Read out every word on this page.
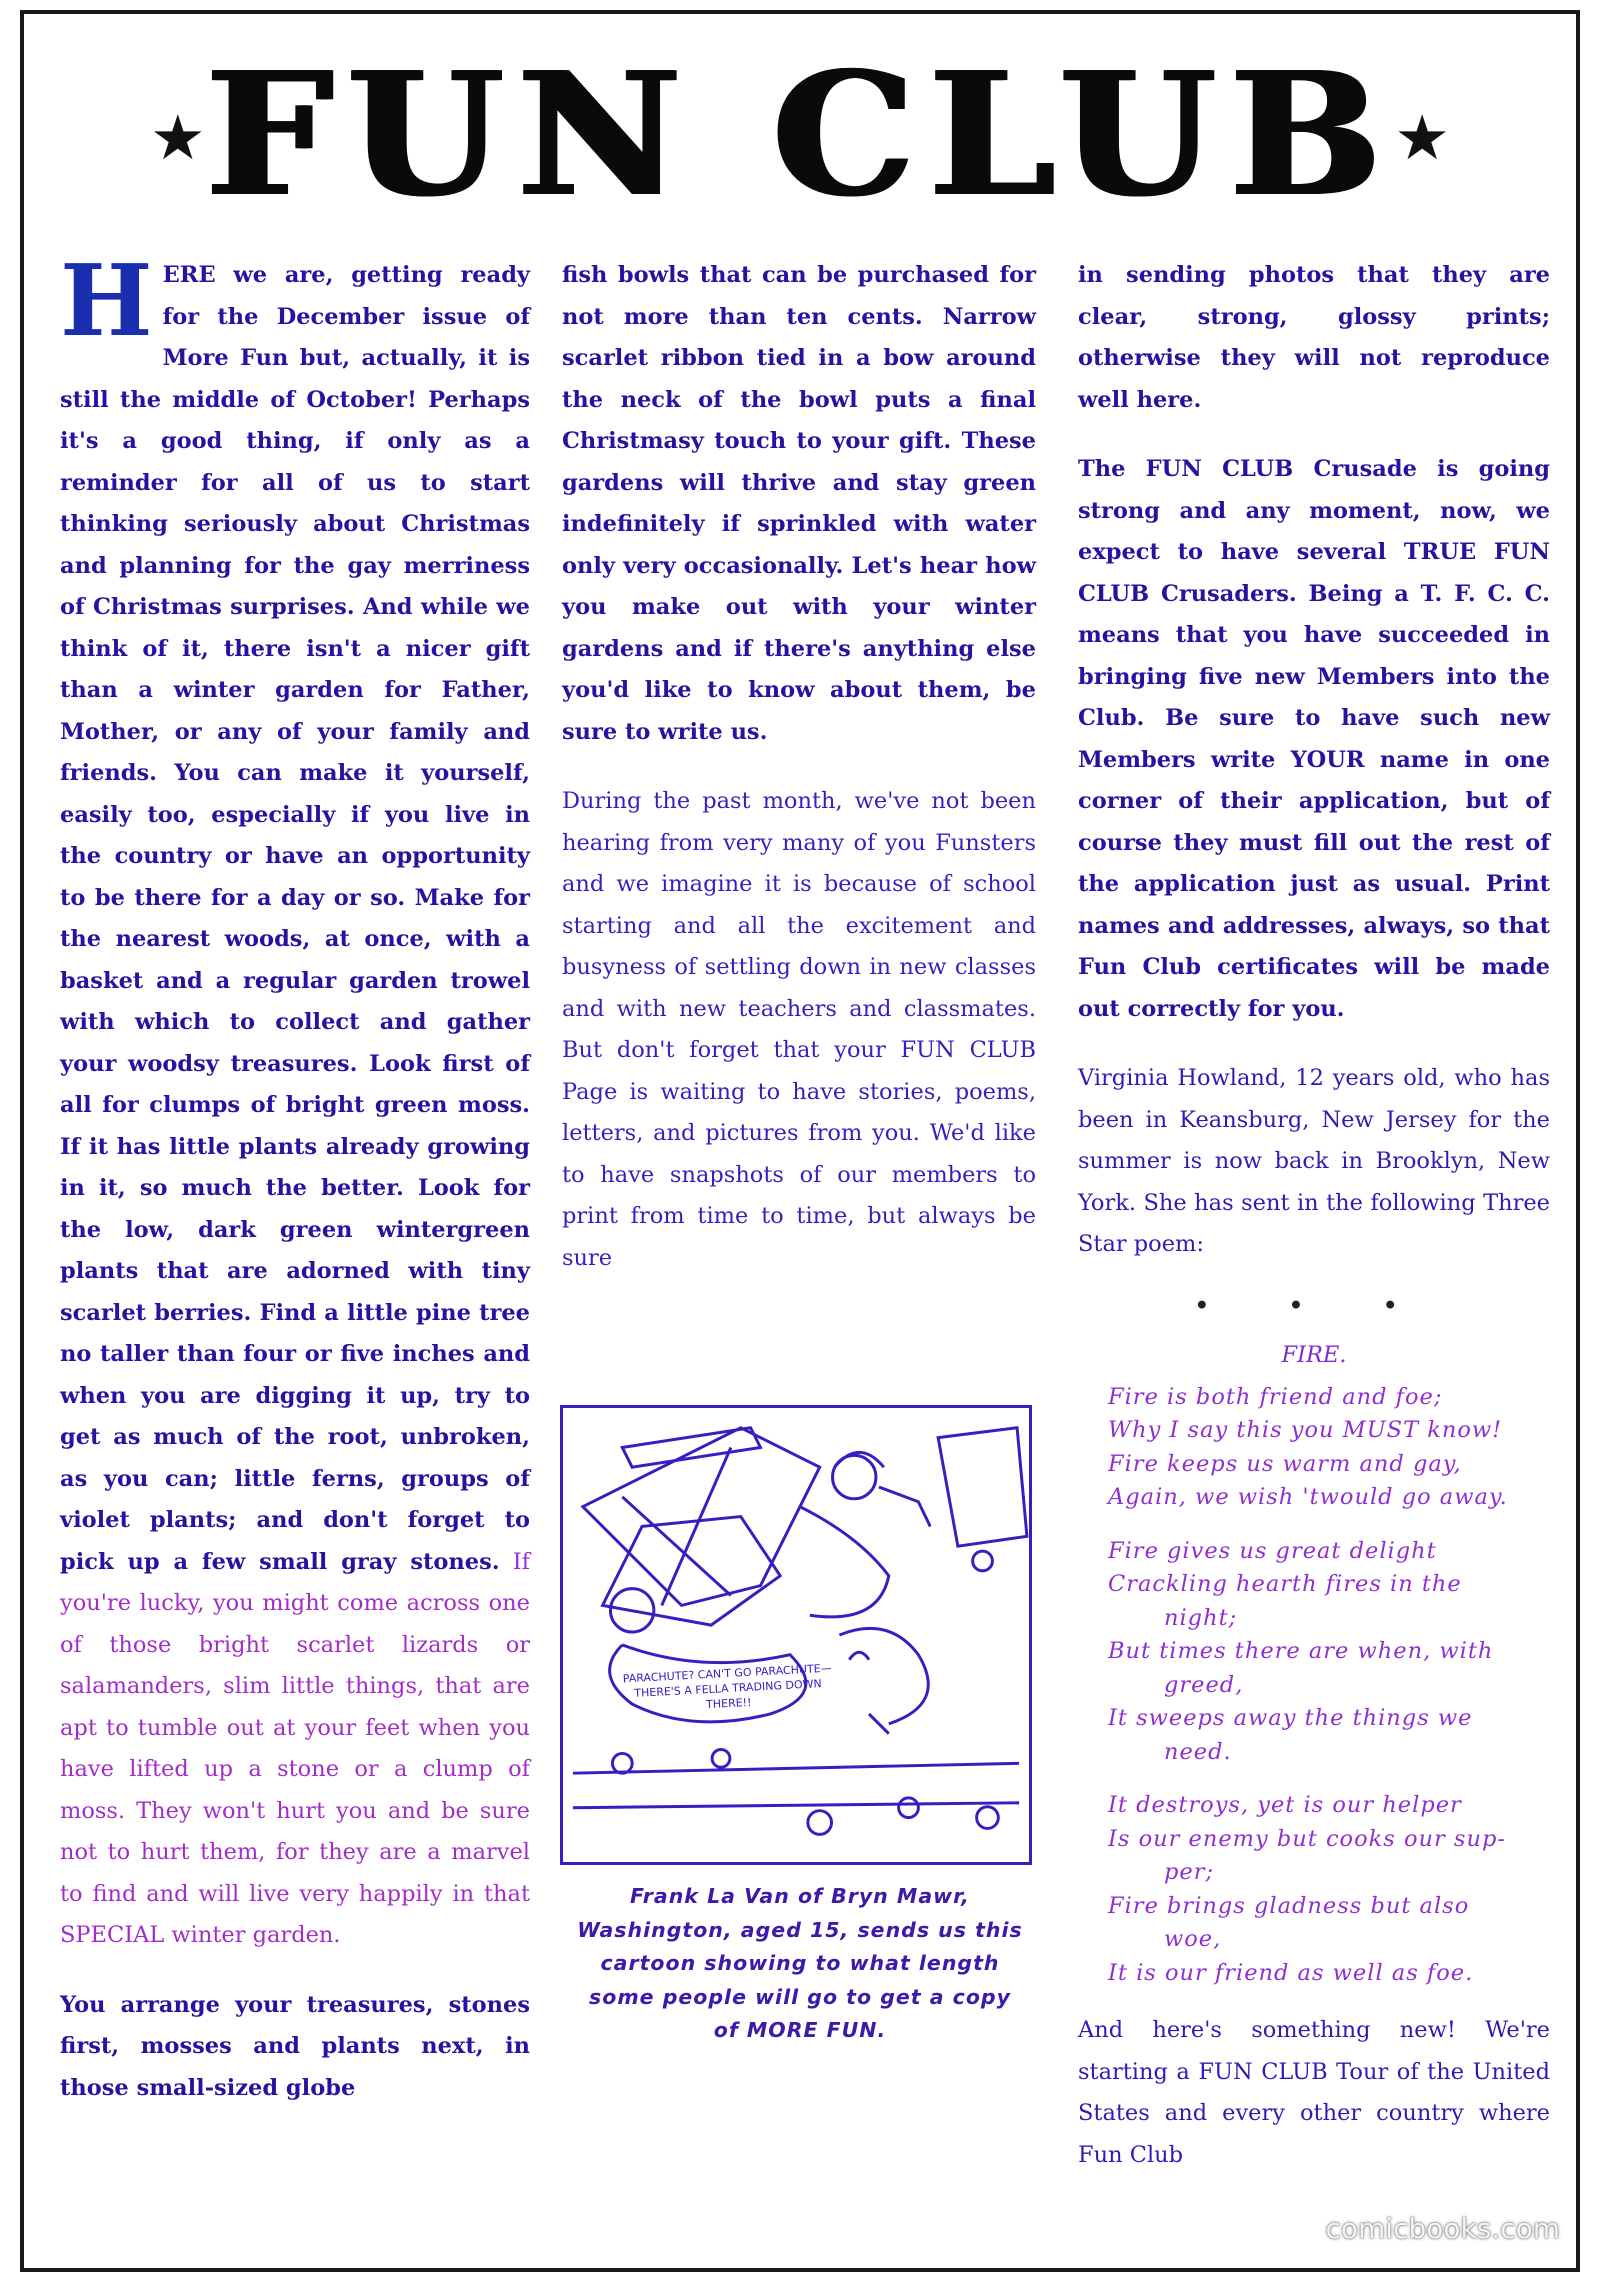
★ FUN CLUB ★

HERE we are, getting ready for the December issue of More Fun but, actually, it is still the middle of October! Perhaps it's a good thing, if only as a reminder for all of us to start thinking seriously about Christmas and planning for the gay merriness of Christmas surprises. And while we think of it, there isn't a nicer gift than a winter garden for Father, Mother, or any of your family and friends. You can make it yourself, easily too, especially if you live in the country or have an opportunity to be there for a day or so. Make for the nearest woods, at once, with a basket and a regular garden trowel with which to collect and gather your woodsy treasures. Look first of all for clumps of bright green moss. If it has little plants already growing in it, so much the better. Look for the low, dark green wintergreen plants that are adorned with tiny scarlet berries. Find a little pine tree no taller than four or five inches and when you are digging it up, try to get as much of the root, unbroken, as you can; little ferns, groups of violet plants; and don't forget to pick up a few small gray stones. If you're lucky, you might come across one of those bright scarlet lizards or salamanders, slim little things, that are apt to tumble out at your feet when you have lifted up a stone or a clump of moss. They won't hurt you and be sure not to hurt them, for they are a marvel to find and will live very happily in that SPECIAL winter garden.

You arrange your treasures, stones first, mosses and plants next, in those small-sized globe

fish bowls that can be purchased for not more than ten cents. Narrow scarlet ribbon tied in a bow around the neck of the bowl puts a final Christmasy touch to your gift. These gardens will thrive and stay green indefinitely if sprinkled with water only very occasionally. Let's hear how you make out with your winter gardens and if there's anything else you'd like to know about them, be sure to write us.

During the past month, we've not been hearing from very many of you Funsters and we imagine it is because of school starting and all the excitement and busyness of settling down in new classes and with new teachers and classmates. But don't forget that your FUN CLUB Page is waiting to have stories, poems, letters, and pictures from you. We'd like to have snapshots of our members to print from time to time, but always be sure

PARACHUTE? CAN'T GO PARACHUTE— THERE'S A FELLA TRADING DOWN THERE!!
Frank La Van of Bryn Mawr, Washington, aged 15, sends us this cartoon showing to what length some people will go to get a copy of MORE FUN.

in sending photos that they are clear, strong, glossy prints; otherwise they will not reproduce well here.

The FUN CLUB Crusade is going strong and any moment, now, we expect to have several TRUE FUN CLUB Crusaders. Being a T. F. C. C. means that you have succeeded in bringing five new Members into the Club. Be sure to have such new Members write YOUR name in one corner of their application, but of course they must fill out the rest of the application just as usual. Print names and addresses, always, so that Fun Club certificates will be made out correctly for you.

Virginia Howland, 12 years old, who has been in Keansburg, New Jersey for the summer is now back in Brooklyn, New York. She has sent in the following Three Star poem:

• • •
FIRE.
Fire is both friend and foe;
Why I say this you MUST know!
Fire keeps us warm and gay,
Again, we wish 'twould go away.
Fire gives us great delight
Crackling hearth fires in the
night;
But times there are when, with
greed,
It sweeps away the things we
need.
It destroys, yet is our helper
Is our enemy but cooks our sup-
per;
Fire brings gladness but also
woe,
It is our friend as well as foe.

And here's something new! We're starting a FUN CLUB Tour of the United States and every other country where Fun Club

comicbooks.com
